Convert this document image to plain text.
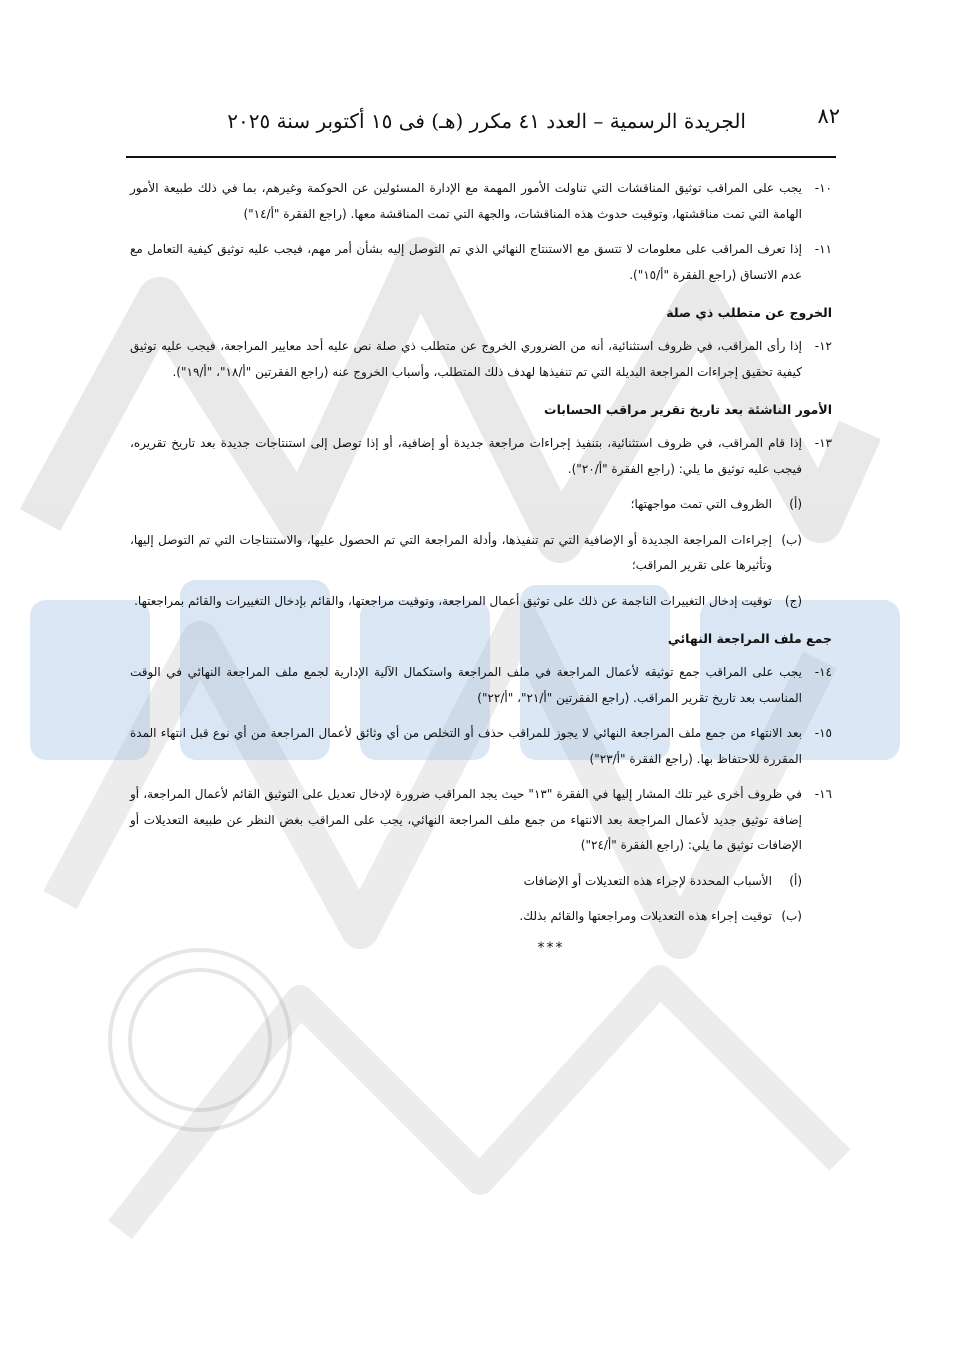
٨٢
الجريدة الرسمية – العدد ٤١ مكرر (هـ) فى ١٥ أكتوبر سنة ٢٠٢٥
١٠-
يجب على المراقب توثيق المناقشات التي تناولت الأمور المهمة مع الإدارة المسئولين عن الحوكمة وغيرهم، بما في ذلك طبيعة الأمور الهامة التي تمت مناقشتها، وتوقيت حدوث هذه المناقشات، والجهة التي تمت المناقشة معها. (راجع الفقرة "أ/١٤")
١١-
إذا تعرف المراقب على معلومات لا تتسق مع الاستنتاج النهائي الذي تم التوصل إليه بشأن أمر مهم، فيجب عليه توثيق كيفية التعامل مع عدم الاتساق (راجع الفقرة "أ/١٥").
الخروج عن متطلب ذي صلة
١٢-
إذا رأى المراقب، في ظروف استثنائية، أنه من الضروري الخروج عن متطلب ذي صلة نص عليه أحد معايير المراجعة، فيجب عليه توثيق كيفية تحقيق إجراءات المراجعة البديلة التي تم تنفيذها لهدف ذلك المتطلب، وأسباب الخروج عنه (راجع الفقرتين "أ/١٨"، "أ/١٩").
الأمور الناشئة بعد تاريخ تقرير مراقب الحسابات
١٣-
إذا قام المراقب، في ظروف استثنائية، بتنفيذ إجراءات مراجعة جديدة أو إضافية، أو إذا توصل إلى استنتاجات جديدة بعد تاريخ تقريره، فيجب عليه توثيق ما يلي: (راجع الفقرة "أ/٢٠").
(أ)
الظروف التي تمت مواجهتها؛
(ب)
إجراءات المراجعة الجديدة أو الإضافية التي تم تنفيذها، وأدلة المراجعة التي تم الحصول عليها، والاستنتاجات التي تم التوصل إليها، وتأثيرها على تقرير المراقب؛
(ج)
توقيت إدخال التغييرات الناجمة عن ذلك على توثيق أعمال المراجعة، وتوقيت مراجعتها، والقائم بإدخال التغييرات والقائم بمراجعتها.
جمع ملف المراجعة النهائي
١٤-
يجب على المراقب جمع توثيقه لأعمال المراجعة في ملف المراجعة واستكمال الآلية الإدارية لجمع ملف المراجعة النهائي في الوقت المناسب بعد تاريخ تقرير المراقب. (راجع الفقرتين "أ/٢١"، "أ/٢٢")
١٥-
بعد الانتهاء من جمع ملف المراجعة النهائي لا يجوز للمراقب حذف أو التخلص من أي وثائق لأعمال المراجعة من أي نوع قبل انتهاء المدة المقررة للاحتفاظ بها. (راجع الفقرة "أ/٢٣")
١٦-
في ظروف أخرى غير تلك المشار إليها في الفقرة "١٣" حيث يجد المراقب ضرورة لإدخال تعديل على التوثيق القائم لأعمال المراجعة، أو إضافة توثيق جديد لأعمال المراجعة بعد الانتهاء من جمع ملف المراجعة النهائي، يجب على المراقب بغض النظر عن طبيعة التعديلات أو الإضافات توثيق ما يلي: (راجع الفقرة "أ/٢٤")
(أ)
الأسباب المحددة لإجراء هذه التعديلات أو الإضافات
(ب)
توقيت إجراء هذه التعديلات ومراجعتها والقائم بذلك.
***
